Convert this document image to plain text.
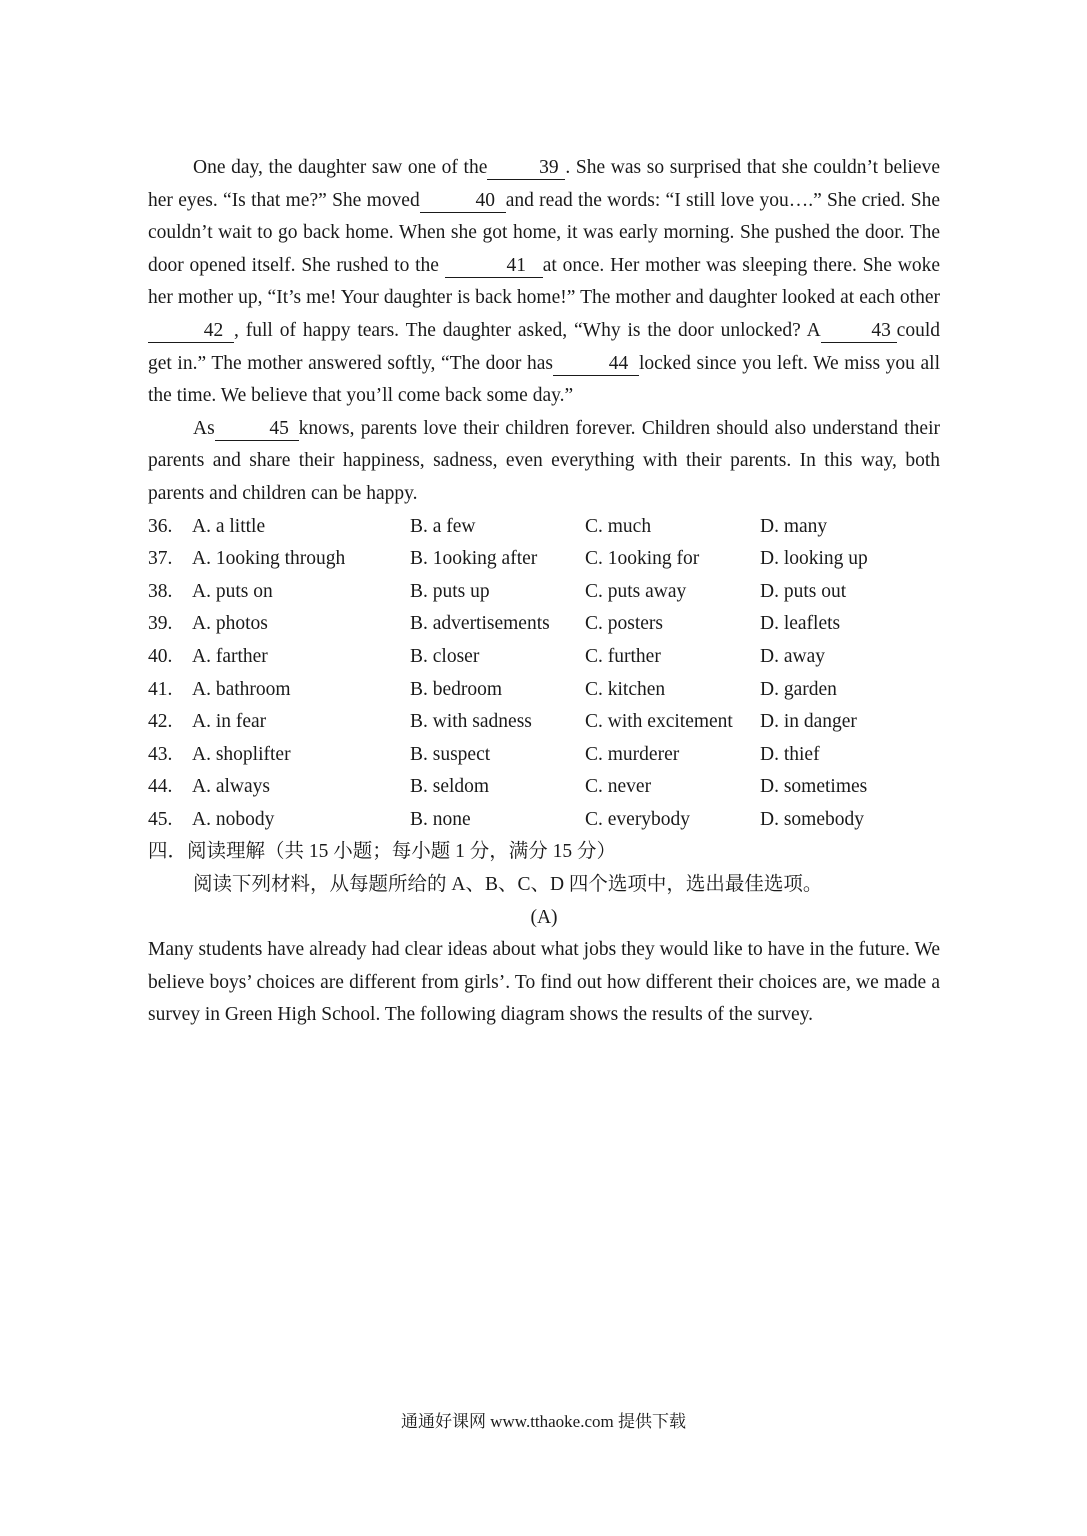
One day, the daughter saw one of the	39 . She was so surprised that she couldn’t believe her eyes. “Is that me?” She moved	40 and read the words: “I still love you….” She cried. She couldn’t wait to go back home. When she got home, it was early morning. She pushed the door. The door opened itself. She rushed to the	41 at once. Her mother was sleeping there. She woke her mother up, “It’s me! Your daughter is back home!” The mother and daughter looked at each other42 , full of happy tears. The daughter asked, “Why is the door unlocked? A	43 could get in.” The mother answered softly, “The door has	44 locked since you left. We miss you all the time. We believe that you’ll come back some day.”

As	45 knows, parents love their children forever. Children should also understand their parents and share their happiness, sadness, even everything with their parents. In this way, both parents and children can be happy.

36.	A. a little	B. a few	C. much	D. many
37.	A. 1ooking through	B. 1ooking after	C. 1ooking for	D. looking up
38.	A. puts on	B. puts up	C. puts away	D. puts out
39.	A. photos	B. advertisements	C. posters	D. leaflets
40.	A. farther	B. closer	C. further	D. away
41.	A. bathroom	B. bedroom	C. kitchen	D. garden
42.	A. in fear	B. with sadness	C. with excitement	D. in danger
43.	A. shoplifter	B. suspect	C. murderer	D. thief
44.	A. always	B. seldom	C. never	D. sometimes
45.	A. nobody	B. none	C. everybody	D. somebody

四．阅读理解（共 15 小题；每小题 1 分，满分 15 分）

阅读下列材料，从每题所给的 A、B、C、D 四个选项中，选出最佳选项。

(A)

Many students have already had clear ideas about what jobs they would like to have in the future. We believe boys’ choices are different from girls’. To find out how different their choices are, we made a survey in Green High School. The following diagram shows the results of the survey.

通通好课网 www.tthaoke.com 提供下载
